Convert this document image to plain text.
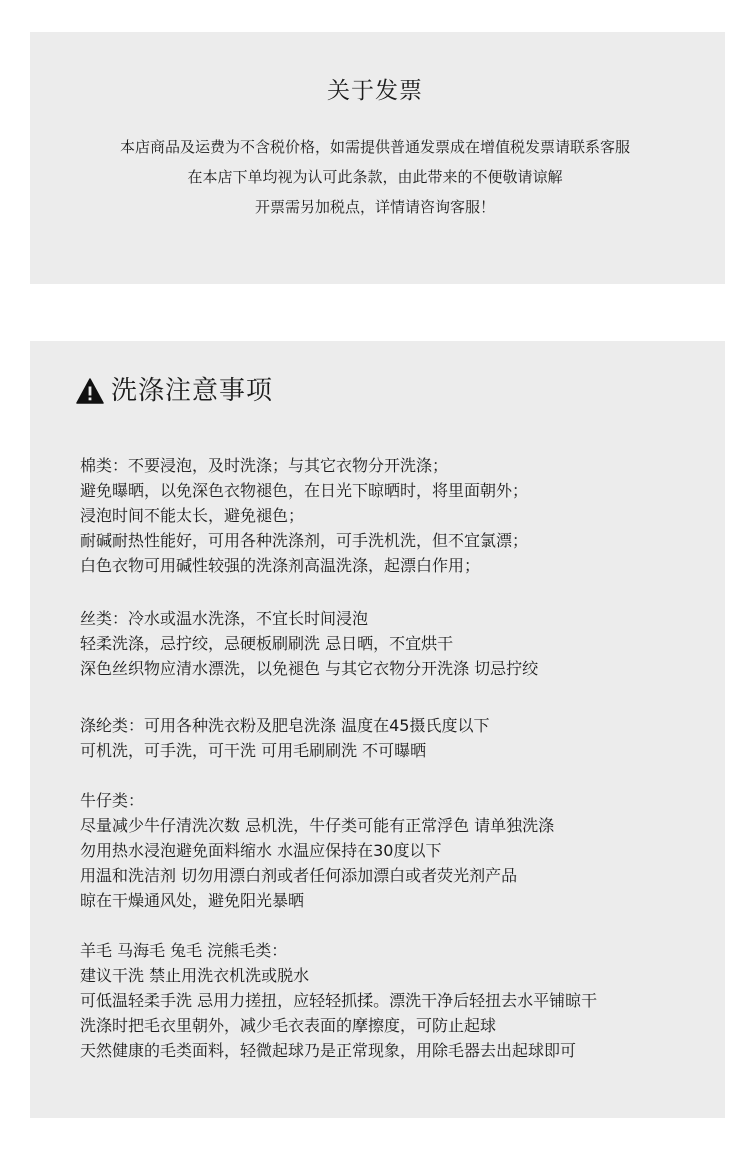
关于发票
本店商品及运费为不含税价格，如需提供普通发票成在增值税发票请联系客服
在本店下单均视为认可此条款，由此带来的不便敬请谅解
开票需另加税点，详情请咨询客服！
洗涤注意事项
棉类：不要浸泡，及时洗涤；与其它衣物分开洗涤；
避免曝晒，以免深色衣物褪色，在日光下晾晒时，将里面朝外；
浸泡时间不能太长，避免褪色；
耐碱耐热性能好，可用各种洗涤剂，可手洗机洗，但不宜氯漂；
白色衣物可用碱性较强的洗涤剂高温洗涤，起漂白作用；
丝类：冷水或温水洗涤，不宜长时间浸泡
轻柔洗涤，忌拧绞，忌硬板刷刷洗 忌日晒，不宜烘干
深色丝织物应清水漂洗，以免褪色 与其它衣物分开洗涤 切忌拧绞
涤纶类：可用各种洗衣粉及肥皂洗涤 温度在45摄氏度以下
可机洗，可手洗，可干洗 可用毛刷刷洗 不可曝晒
牛仔类：
尽量减少牛仔清洗次数 忌机洗，牛仔类可能有正常浮色 请单独洗涤
勿用热水浸泡避免面料缩水 水温应保持在30度以下
用温和洗洁剂 切勿用漂白剂或者任何添加漂白或者荧光剂产品
晾在干燥通风处，避免阳光暴晒
羊毛 马海毛 兔毛 浣熊毛类：
建议干洗 禁止用洗衣机洗或脱水
可低温轻柔手洗 忌用力搓扭，应轻轻抓揉。漂洗干净后轻扭去水平铺晾干
洗涤时把毛衣里朝外，减少毛衣表面的摩擦度，可防止起球
天然健康的毛类面料，轻微起球乃是正常现象，用除毛器去出起球即可
